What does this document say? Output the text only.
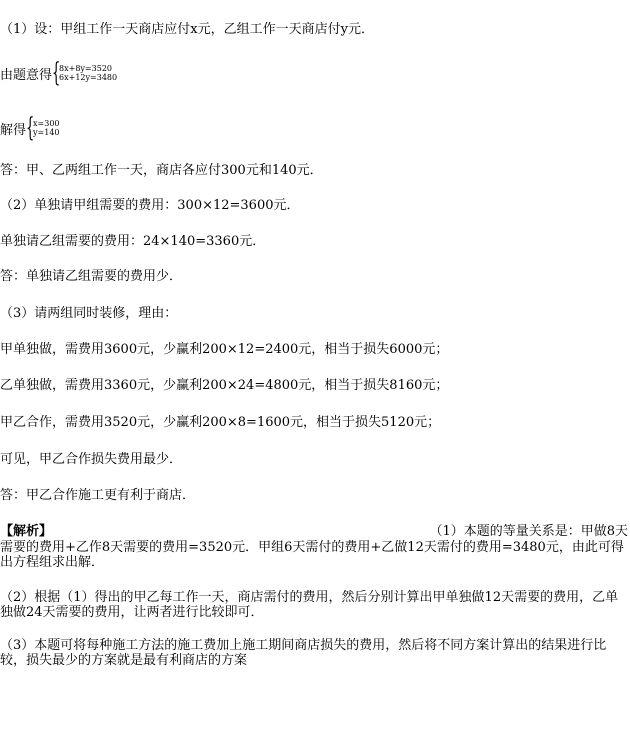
（1）设：甲组工作一天商店应付x元，乙组工作一天商店付y元．
由题意得 {
8x+8y=3520
6x+12y=3480
解得 {
x=300
y=140
答：甲、乙两组工作一天，商店各应付300元和140元．
（2）单独请甲组需要的费用：300×12=3600元．
单独请乙组需要的费用：24×140=3360元．
答：单独请乙组需要的费用少．
（3）请两组同时装修，理由：
甲单独做，需费用3600元，少赢利200×12=2400元，相当于损失6000元；
乙单独做，需费用3360元，少赢利200×24=4800元，相当于损失8160元；
甲乙合作，需费用3520元，少赢利200×8=1600元，相当于损失5120元；
可见，甲乙合作损失费用最少．
答：甲乙合作施工更有利于商店．
【解析】	（1）本题的等量关系是：甲做8天
需要的费用+乙作8天需要的费用=3520元．甲组6天需付的费用+乙做12天需付的费用=3480元，由此可得出方程组求出解．
（2）根据（1）得出的甲乙每工作一天，商店需付的费用，然后分别计算出甲单独做12天需要的费用，乙单独做24天需要的费用，让两者进行比较即可．
（3）本题可将每种施工方法的施工费加上施工期间商店损失的费用，然后将不同方案计算出的结果进行比较，损失最少的方案就是最有利商店的方案
